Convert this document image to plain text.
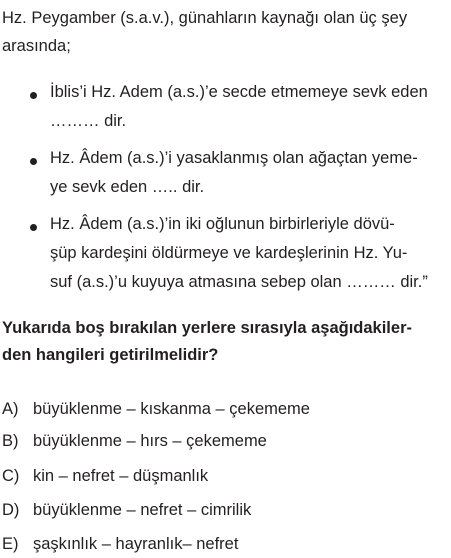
Hz. Peygamber (s.a.v.), günahların kaynağı olan üç şey
arasında;
İblis’i Hz. Adem (a.s.)’e secde etmemeye sevk eden
……… dir.
Hz. Âdem (a.s.)’i yasaklanmış olan ağaçtan yeme-
ye sevk eden ….. dir.
Hz. Âdem (a.s.)’in iki oğlunun birbirleriyle dövü-
şüp kardeşini öldürmeye ve kardeşlerinin Hz. Yu-
suf (a.s.)’u kuyuya atmasına sebep olan ……… dir.”
Yukarıda boş bırakılan yerlere sırasıyla aşağıdakiler-
den hangileri getirilmelidir?
A) büyüklenme – kıskanma – çekememe
B) büyüklenme – hırs – çekememe
C) kin – nefret – düşmanlık
D) büyüklenme – nefret – cimrilik
E) şaşkınlık – hayranlık– nefret
